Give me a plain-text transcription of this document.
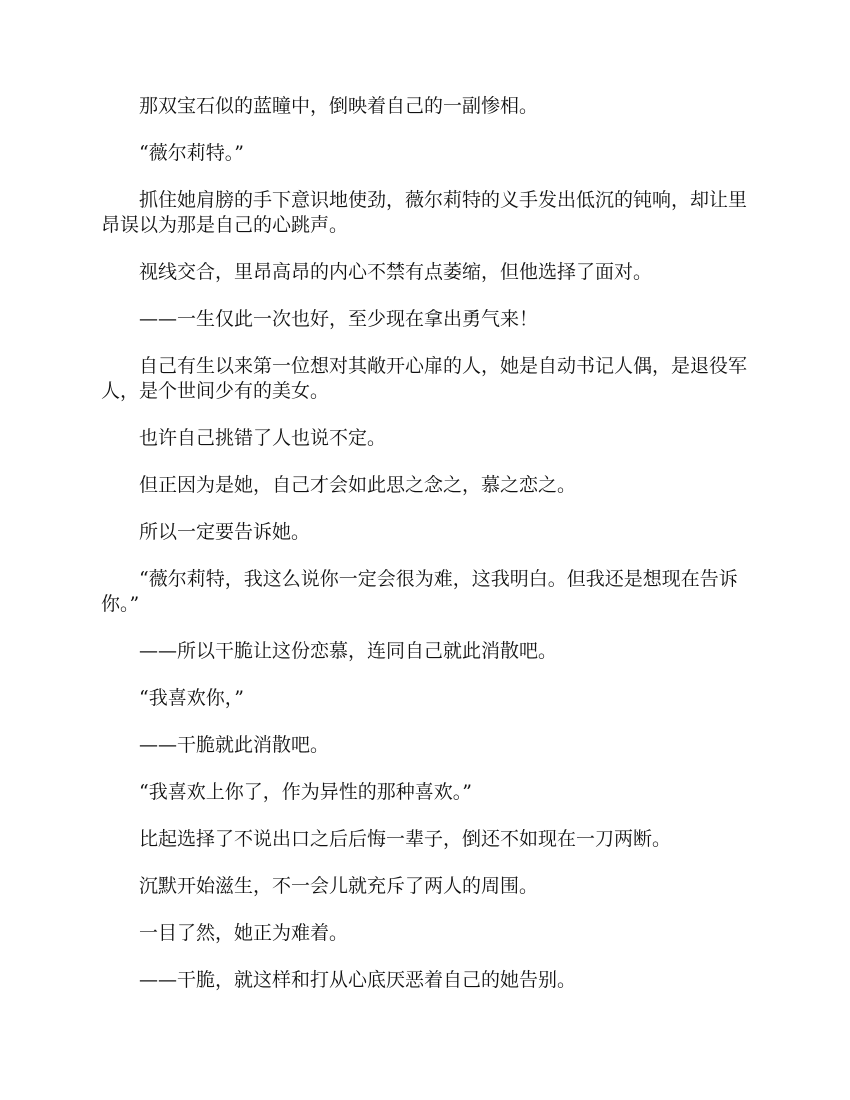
那双宝石似的蓝瞳中，倒映着自己的一副惨相。

“薇尔莉特。”

抓住她肩膀的手下意识地使劲，薇尔莉特的义手发出低沉的钝响，却让里昂误以为那是自己的心跳声。

视线交合，里昂高昂的内心不禁有点萎缩，但他选择了面对。

——一生仅此一次也好，至少现在拿出勇气来！

自己有生以来第一位想对其敞开心扉的人，她是自动书记人偶，是退役军人，是个世间少有的美女。

也许自己挑错了人也说不定。

但正因为是她，自己才会如此思之念之，慕之恋之。

所以一定要告诉她。

“薇尔莉特，我这么说你一定会很为难，这我明白。但我还是想现在告诉你。”

——所以干脆让这份恋慕，连同自己就此消散吧。

“我喜欢你，”

——干脆就此消散吧。

“我喜欢上你了，作为异性的那种喜欢。”

比起选择了不说出口之后后悔一辈子，倒还不如现在一刀两断。

沉默开始滋生，不一会儿就充斥了两人的周围。

一目了然，她正为难着。

——干脆，就这样和打从心底厌恶着自己的她告别。
